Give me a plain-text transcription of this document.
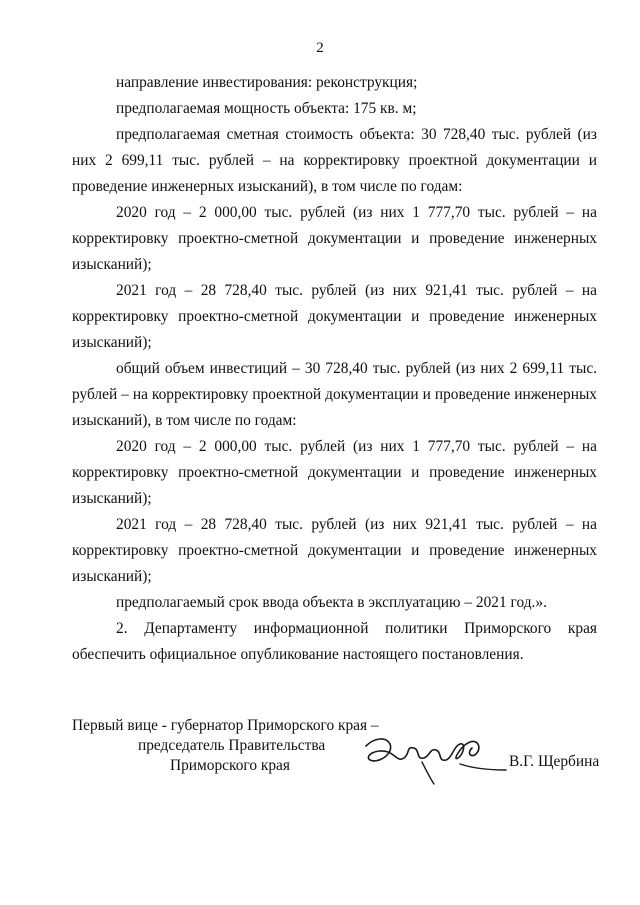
2

направление инвестирования: реконструкция;

предполагаемая мощность объекта: 175 кв. м;

предполагаемая сметная стоимость объекта: 30 728,40 тыс. рублей (из них 2 699,11 тыс. рублей – на корректировку проектной документации и проведение инженерных изысканий), в том числе по годам:

2020 год – 2 000,00 тыс. рублей (из них 1 777,70 тыс. рублей – на корректировку проектно-сметной документации и проведение инженерных изысканий);

2021 год – 28 728,40 тыс. рублей (из них 921,41 тыс. рублей – на корректировку проектно-сметной документации и проведение инженерных изысканий);

общий объем инвестиций – 30 728,40 тыс. рублей (из них 2 699,11 тыс. рублей – на корректировку проектной документации и проведение инженерных изысканий), в том числе по годам:

2020 год – 2 000,00 тыс. рублей (из них 1 777,70 тыс. рублей – на корректировку проектно-сметной документации и проведение инженерных изысканий);

2021 год – 28 728,40 тыс. рублей (из них 921,41 тыс. рублей – на корректировку проектно-сметной документации и проведение инженерных изысканий);

предполагаемый срок ввода объекта в эксплуатацию – 2021 год.».

2. Департаменту информационной политики Приморского края обеспечить официальное опубликование настоящего постановления.

Первый вице - губернатор Приморского края –
председатель Правительства
Приморского края	В.Г. Щербина
